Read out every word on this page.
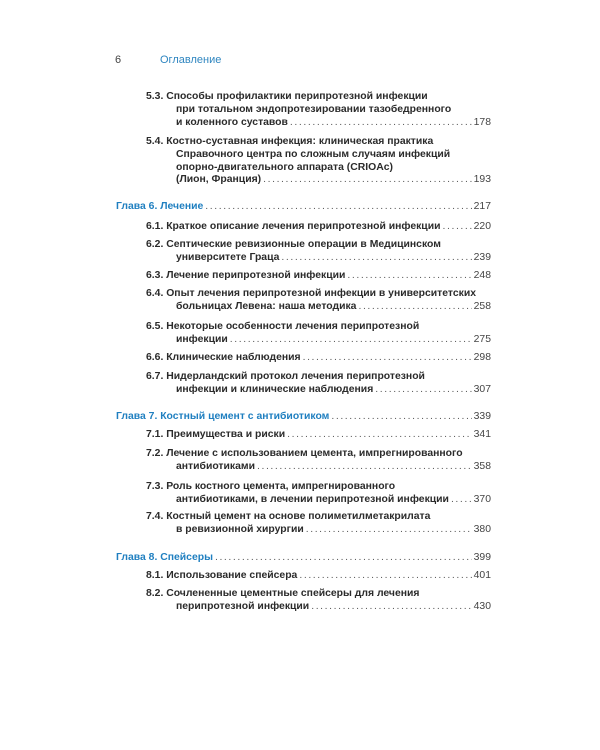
6	Оглавление
5.3. Способы профилактики перипротезной инфекции
при тотальном эндопротезировании тазобедренного
и коленного суставов .....	178
5.4. Костно-суставная инфекция: клиническая практика
Справочного центра по сложным случаям инфекций
опорно-двигательного аппарата (CRIOAc)
(Лион, Франция) .....	193
Глава 6. Лечение .....	217
6.1. Краткое описание лечения перипротезной инфекции .....	220
6.2. Септические ревизионные операции в Медицинском
университете Граца .....	239
6.3. Лечение перипротезной инфекции .....	248
6.4. Опыт лечения перипротезной инфекции в университетских
больницах Левена: наша методика .....	258
6.5. Некоторые особенности лечения перипротезной
инфекции .....	275
6.6. Клинические наблюдения .....	298
6.7. Нидерландский протокол лечения перипротезной
инфекции и клинические наблюдения .....	307
Глава 7. Костный цемент с антибиотиком .....	339
7.1. Преимущества и риски .....	341
7.2. Лечение с использованием цемента, импрегнированного
антибиотиками .....	358
7.3. Роль костного цемента, импрегнированного
антибиотиками, в лечении перипротезной инфекции ..... 370
7.4. Костный цемент на основе полиметилметакрилата
в ревизионной хирургии .....	380
Глава 8. Спейсеры .....	399
8.1. Использование спейсера .....	401
8.2. Сочлененные цементные спейсеры для лечения
перипротезной инфекции .....	430
